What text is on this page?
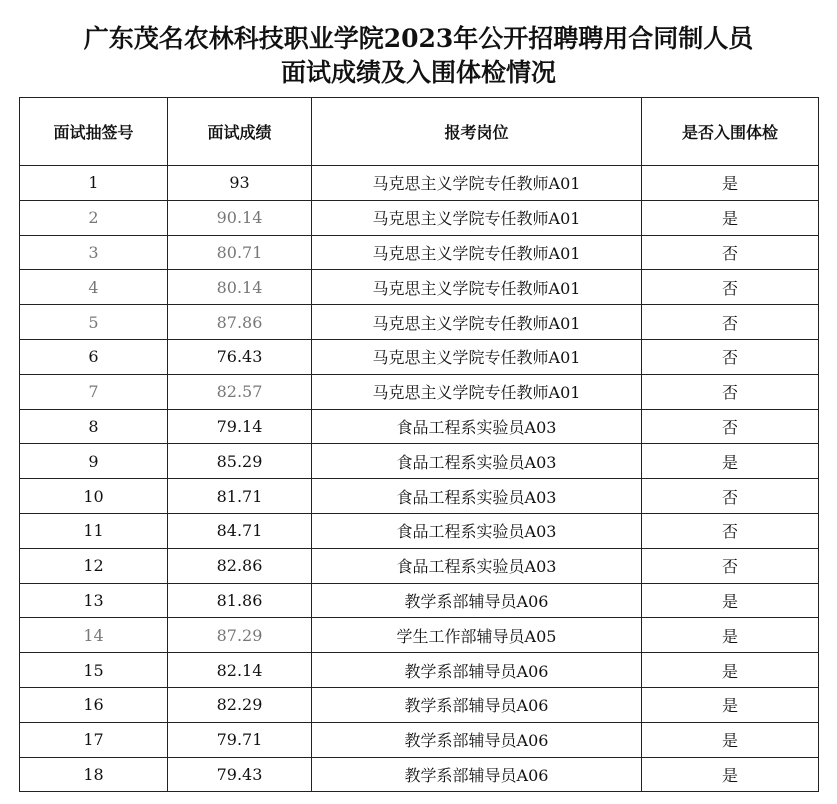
广东茂名农林科技职业学院2023年公开招聘聘用合同制人员
面试成绩及入围体检情况
面试抽签号	面试成绩	报考岗位	是否入围体检
1	93	马克思主义学院专任教师A01	是
2	90.14	马克思主义学院专任教师A01	是
3	80.71	马克思主义学院专任教师A01	否
4	80.14	马克思主义学院专任教师A01	否
5	87.86	马克思主义学院专任教师A01	否
6	76.43	马克思主义学院专任教师A01	否
7	82.57	马克思主义学院专任教师A01	否
8	79.14	食品工程系实验员A03	否
9	85.29	食品工程系实验员A03	是
10	81.71	食品工程系实验员A03	否
11	84.71	食品工程系实验员A03	否
12	82.86	食品工程系实验员A03	否
13	81.86	教学系部辅导员A06	是
14	87.29	学生工作部辅导员A05	是
15	82.14	教学系部辅导员A06	是
16	82.29	教学系部辅导员A06	是
17	79.71	教学系部辅导员A06	是
18	79.43	教学系部辅导员A06	是
